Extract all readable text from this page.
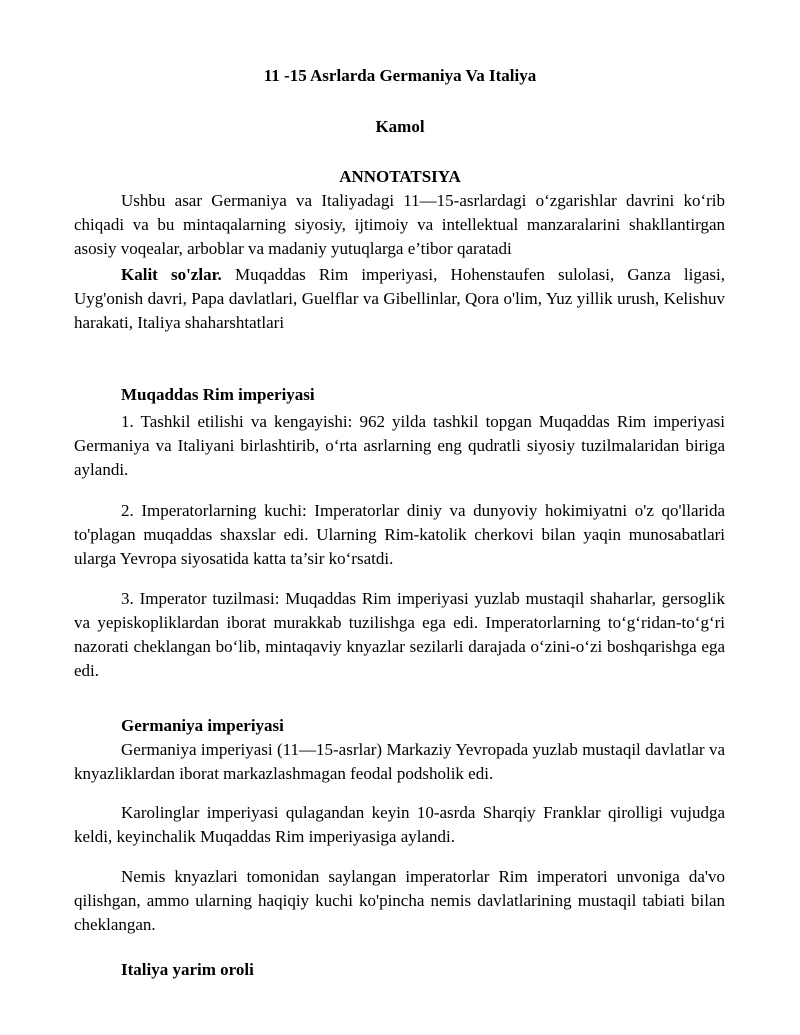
11 -15 Asrlarda Germaniya Va Italiya
Kamol
ANNOTATSIYA

Ushbu asar Germaniya va Italiyadagi 11—15-asrlardagi o‘zgarishlar davrini ko‘rib chiqadi va bu mintaqalarning siyosiy, ijtimoiy va intellektual manzaralarini shakllantirgan asosiy voqealar, arboblar va madaniy yutuqlarga e’tibor qaratadi

Kalit so'zlar. Muqaddas Rim imperiyasi, Hohenstaufen sulolasi, Ganza ligasi, Uyg'onish davri, Papa davlatlari, Guelflar va Gibellinlar, Qora o'lim, Yuz yillik urush, Kelishuv harakati, Italiya shaharshtatlari

Muqaddas Rim imperiyasi

1. Tashkil etilishi va kengayishi: 962 yilda tashkil topgan Muqaddas Rim imperiyasi Germaniya va Italiyani birlashtirib, o‘rta asrlarning eng qudratli siyosiy tuzilmalaridan biriga aylandi.

2. Imperatorlarning kuchi: Imperatorlar diniy va dunyoviy hokimiyatni o'z qo'llarida to'plagan muqaddas shaxslar edi. Ularning Rim-katolik cherkovi bilan yaqin munosabatlari ularga Yevropa siyosatida katta ta’sir ko‘rsatdi.

3. Imperator tuzilmasi: Muqaddas Rim imperiyasi yuzlab mustaqil shaharlar, gersoglik va yepiskopliklardan iborat murakkab tuzilishga ega edi. Imperatorlarning to‘g‘ridan-to‘g‘ri nazorati cheklangan bo‘lib, mintaqaviy knyazlar sezilarli darajada o‘zini-o‘zi boshqarishga ega edi.

Germaniya imperiyasi

Germaniya imperiyasi (11—15-asrlar) Markaziy Yevropada yuzlab mustaqil davlatlar va knyazliklardan iborat markazlashmagan feodal podsholik edi.

Karolinglar imperiyasi qulagandan keyin 10-asrda Sharqiy Franklar qirolligi vujudga keldi, keyinchalik Muqaddas Rim imperiyasiga aylandi.

Nemis knyazlari tomonidan saylangan imperatorlar Rim imperatori unvoniga da'vo qilishgan, ammo ularning haqiqiy kuchi ko'pincha nemis davlatlarining mustaqil tabiati bilan cheklangan.

Italiya yarim oroli
